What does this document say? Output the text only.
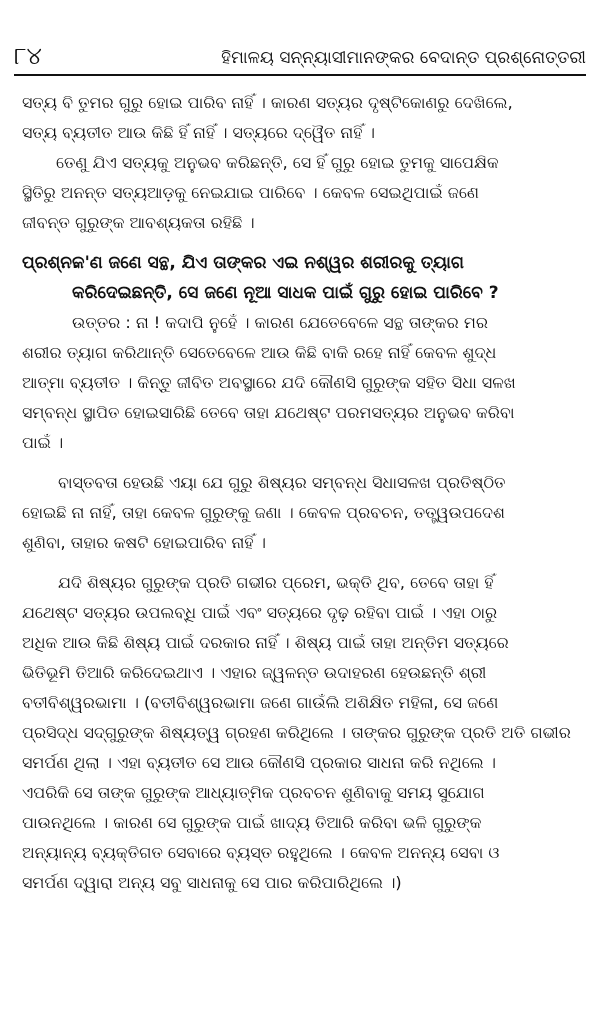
୮୪	ହିମାଳୟ ସନ୍ନ୍ୟାସୀମାନଙ୍କର ବେଦାନ୍ତ ପ୍ରଶ୍ନୋତ୍ତରୀ
ସତ୍ୟ ବି ତୁମର ଗୁରୁ ହୋଇ ପାରିବ ନାହିଁ । କାରଣ ସତ୍ୟର ଦୃଷ୍ଟିକୋଣରୁ ଦେଖିଲେ,
ସତ୍ୟ ବ୍ୟତୀତ ଆଉ କିଛି ହିଁ ନାହିଁ । ସତ୍ୟରେ ଦ୍ୱୈତ ନାହିଁ ।
ତେଣୁ ଯିଏ ସତ୍ୟକୁ ଅନୁଭବ କରିଛନ୍ତି, ସେ ହିଁ ଗୁରୁ ହୋଇ ତୁମକୁ ସାପେକ୍ଷିକ
ସ୍ଥିତିରୁ ଅନନ୍ତ ସତ୍ୟଆଡ଼କୁ ନେଇଯାଇ ପାରିବେ । କେବଳ ସେଇଥିପାଇଁ ଜଣେ
ଜୀବନ୍ତ ଗୁରୁଙ୍କ ଆବଶ୍ୟକତା ରହିଛି ।
ପ୍ରଶ୍ନ.କ'ଣ ଜଣେ ସନ୍ଥ, ଯିଏ ତାଙ୍କର ଏଇ ନଶ୍ୱର ଶରୀରକୁ ତ୍ୟାଗ
କରିଦେଇଛନ୍ତି, ସେ ଜଣେ ନୂଆ ସାଧକ ପାଇଁ ଗୁରୁ ହୋଇ ପାରିବେ ?
ଉତ୍ତର : ନା ! କଦାପି ନୁହେଁ । କାରଣ ଯେତେବେଳେ ସନ୍ଥ ତାଙ୍କର ମର
ଶରୀର ତ୍ୟାଗ କରିଥାନ୍ତି ସେତେବେଳେ ଆଉ କିଛି ବାକି ରହେ ନାହିଁ କେବଳ ଶୁଦ୍ଧ
ଆତ୍ମା ବ୍ୟତୀତ । କିନ୍ତୁ ଜୀବିତ ଅବସ୍ଥାରେ ଯଦି କୌଣସି ଗୁରୁଙ୍କ ସହିତ ସିଧା ସଳଖ
ସମ୍ବନ୍ଧ ସ୍ଥାପିତ ହୋଇସାରିଛି ତେବେ ତାହା ଯଥେଷ୍ଟ ପରମସତ୍ୟର ଅନୁଭବ କରିବା
ପାଇଁ ।
ବାସ୍ତବତା ହେଉଛି ଏୟା ଯେ ଗୁରୁ ଶିଷ୍ୟର ସମ୍ବନ୍ଧ ସିଧାସଳଖ ପ୍ରତିଷ୍ଠିତ
ହୋଇଛି ନା ନାହିଁ, ତାହା କେବଳ ଗୁରୁଙ୍କୁ ଜଣା । କେବଳ ପ୍ରବଚନ, ତତ୍ତ୍ୱଉପଦେଶ
ଶୁଣିବା, ତାହାର କଷଟି ହୋଇପାରିବ ନାହିଁ ।
ଯଦି ଶିଷ୍ୟର ଗୁରୁଙ୍କ ପ୍ରତି ଗଭୀର ପ୍ରେମ, ଭକ୍ତି ଥିବ, ତେବେ ତାହା ହିଁ
ଯଥେଷ୍ଟ ସତ୍ୟର ଉପଲବ୍ଧି ପାଇଁ ଏବଂ ସତ୍ୟରେ ଦୃଢ଼ ରହିବା ପାଇଁ । ଏହା ଠାରୁ
ଅଧିକ ଆଉ କିଛି ଶିଷ୍ୟ ପାଇଁ ଦରକାର ନାହିଁ । ଶିଷ୍ୟ ପାଇଁ ତାହା ଅନ୍ତିମ ସତ୍ୟରେ
ଭିତିଭୂମି ତିଆରି କରିଦେଇଥାଏ । ଏହାର ଜ୍ୱଳନ୍ତ ଉଦାହରଣ ହେଉଛନ୍ତି ଶ୍ରୀ
ବତୀବିଶ୍ୱରଭାମା । (ବତୀବିଶ୍ୱରଭାମା ଜଣେ ଗାଉଁଲି ଅଶିକ୍ଷିତ ମହିଳା, ସେ ଜଣେ
ପ୍ରସିଦ୍ଧ ସଦ୍‌ଗୁରୁଙ୍କ ଶିଷ୍ୟତ୍ୱ ଗ୍ରହଣ କରିଥିଲେ । ତାଙ୍କର ଗୁରୁଙ୍କ ପ୍ରତି ଅତି ଗଭୀର
ସମର୍ପଣ ଥିଲା । ଏହା ବ୍ୟତୀତ ସେ ଆଉ କୌଣସି ପ୍ରକାର ସାଧନା କରି ନଥିଲେ ।
ଏପରିକି ସେ ତାଙ୍କ ଗୁରୁଙ୍କ ଆଧ୍ୟାତ୍ମିକ ପ୍ରବଚନ ଶୁଣିବାକୁ ସମୟ ସୁଯୋଗ
ପାଉନଥିଲେ । କାରଣ ସେ ଗୁରୁଙ୍କ ପାଇଁ ଖାଦ୍ୟ ତିଆରି କରିବା ଭଳି ଗୁରୁଙ୍କ
ଅନ୍ୟାନ୍ୟ ବ୍ୟକ୍ତିଗତ ସେବାରେ ବ୍ୟସ୍ତ ରହୁଥିଲେ । କେବଳ ଅନନ୍ୟ ସେବା ଓ
ସମର୍ପଣ ଦ୍ୱାରା ଅନ୍ୟ ସବୁ ସାଧନାକୁ ସେ ପାର କରିପାରିଥିଲେ ।)
